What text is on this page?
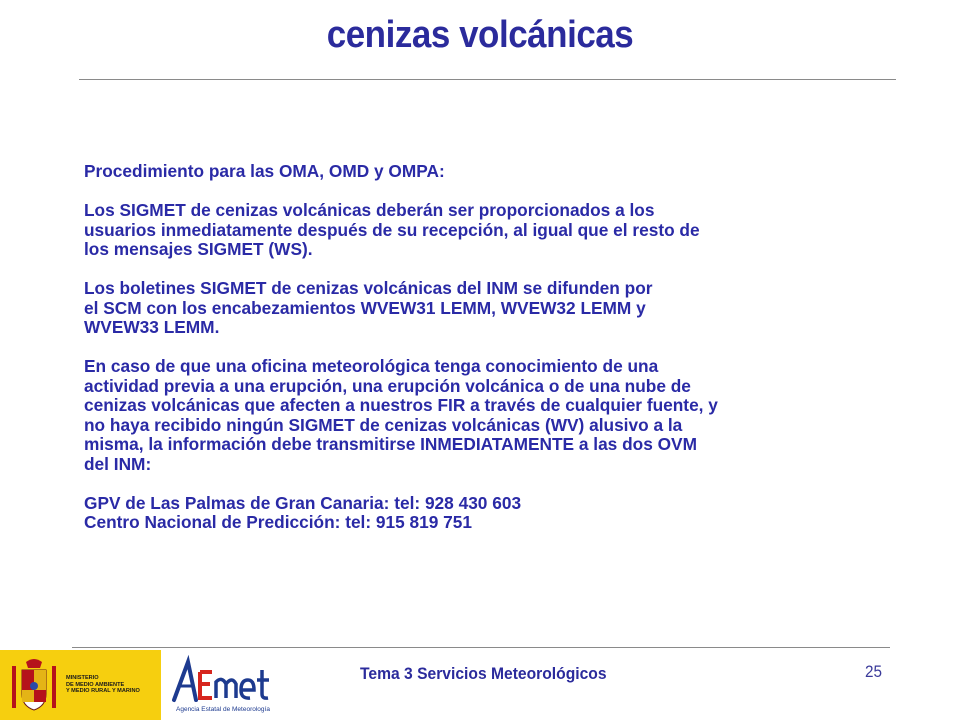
cenizas volcánicas

Procedimiento para las OMA, OMD y OMPA:

Los SIGMET de cenizas volcánicas deberán ser proporcionados a los

usuarios inmediatamente después de su recepción, al igual que el resto de

los mensajes SIGMET (WS).

Los boletines SIGMET de cenizas volcánicas del INM se difunden por

el SCM con los encabezamientos WVEW31 LEMM, WVEW32 LEMM y

WVEW33 LEMM.

En caso de que una oficina meteorológica tenga conocimiento de una

actividad previa a una erupción, una erupción volcánica o de una nube de

cenizas volcánicas que afecten a nuestros FIR a través de cualquier fuente, y

no haya recibido ningún SIGMET de cenizas volcánicas (WV) alusivo a la

misma, la información debe transmitirse INMEDIATAMENTE a las dos OVM

del INM:

GPV de Las Palmas de Gran Canaria: tel: 928 430 603

Centro Nacional de Predicción: tel: 915 819 751

MINISTERIO
DE MEDIO AMBIENTE
Y MEDIO RURAL Y MARINO
Agencia Estatal de Meteorología
Tema 3 Servicios Meteorológicos	25
